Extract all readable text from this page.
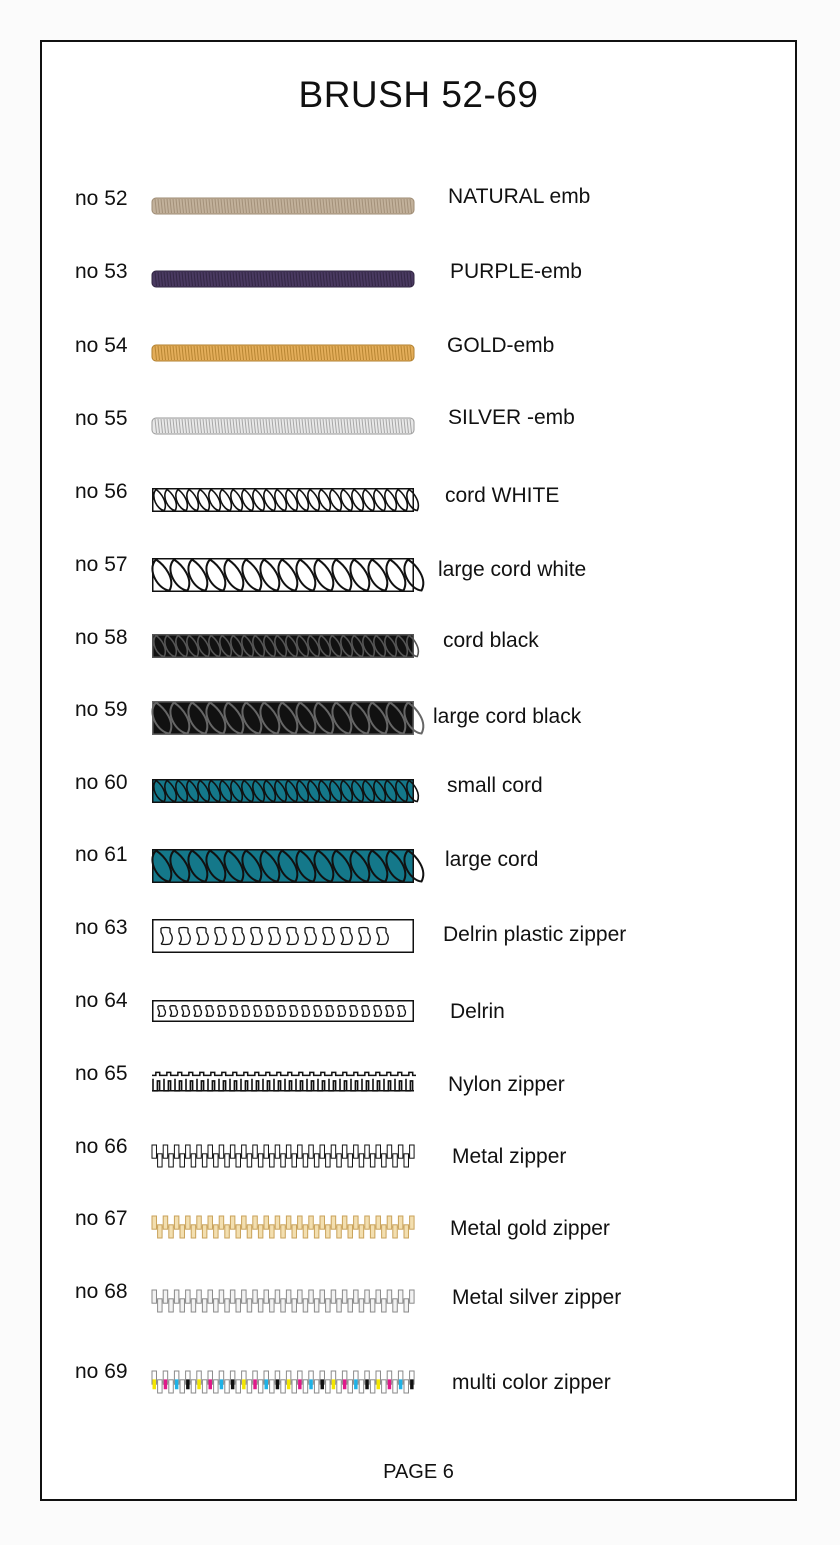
BRUSH 52-69
no 52	NATURAL emb
no 53	PURPLE-emb
no 54	GOLD-emb
no 55	SILVER -emb
no 56	cord WHITE
no 57	large cord white
no 58	cord black
no 59	large cord black
no 60	small cord
no 61	large cord
no 63	Delrin plastic zipper
no 64	Delrin
no 65	Nylon zipper
no 66	Metal zipper
no 67	Metal gold zipper
no 68	Metal silver zipper
no 69	multi color zipper
PAGE 6
